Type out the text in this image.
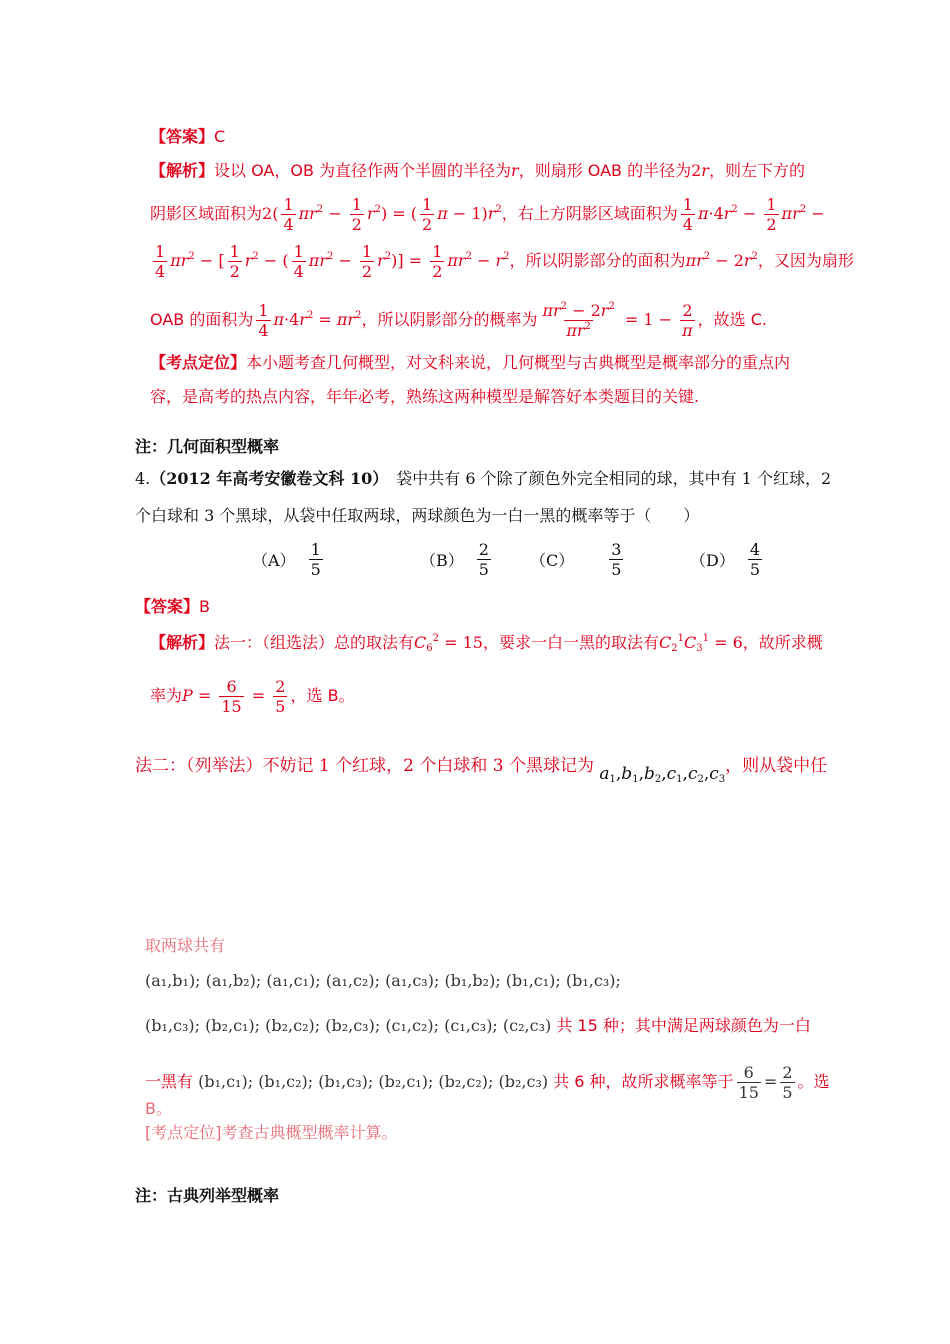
【答案】C
【解析】设以 OA，OB 为直径作两个半圆的半径为r，则扇形 OAB 的半径为2r，则左下方的
阴影区域面积为$2( \frac{1}{4} \pi r^2 - \frac{1}{2} r^2)$ = ( $\frac{1}{2}$ $\pi - 1)r^2$，右上方阴影区域面积为 $\frac{1}{4} \pi\cdot 4r^2 - \frac{1}{2} \pi r^2$ −
$\frac{1}{4} \pi r^2$ − [ $\frac{1}{2} r^2$ − ( $\frac{1}{4} \pi r^2 - \frac{1}{2} r^2)] = \frac{1}{2} \pi r^2 - r^2$，所以阴影部分的面积为$\pi r^2 - 2r^2$，又因为扇形
OAB 的面积为 $\frac{1}{4} \pi\cdot 4r^2 = \pi r^2$，所以阴影部分的概率为 $\frac{\pi r^2 - 2r^2}{\pi r^2} = 1 - \frac{2}{\pi}$ ，故选 C.
【考点定位】本小题考查几何概型，对文科来说，几何概型与古典概型是概率部分的重点内
容，是高考的热点内容，年年必考，熟练这两种模型是解答好本类题目的关键.
注：几何面积型概率
4.（2012 年高考安徽卷文科 10）　 袋中共有 6 个除了颜色外完全相同的球，其中有 1 个红球，2
个白球和 3 个黑球，从袋中任取两球，两球颜色为一白一黑的概率等于（　　）
$(A) \frac{1}{5}$	$(B) \frac{2}{5} (C) \frac{3}{5}$	$(D) \frac{4}{5}$
【答案】B
【解析】法一：（组选法）总的取法有$C_6^2 = 15$，要求一白一黑的取法有$C_2^1C_3^1 = 6$，故所求概
率为$P = \frac{6}{15} = \frac{2}{5}$ ，选 B。
法二：（列举法）不妨记 1 个红球，2 个白球和 3 个黑球记为 $a_1,b_1,b_2,c_1,c_2,c_3$，则从袋中任
取两球共有
(a₁,b₁); (a₁,b₂); (a₁,c₁); (a₁,c₂); (a₁,c₃); (b₁,b₂); (b₁,c₁); (b₁,c₃);
(b₁,c₃); (b₂,c₁); (b₂,c₂); (b₂,c₃); (c₁,c₂); (c₁,c₃); (c₂,c₃) 共 15 种；其中满足两球颜色为一白
一黑有 (b₁,c₁); (b₁,c₂); (b₁,c₃); (b₂,c₁); (b₂,c₂); (b₂,c₃) 共 6 种，故所求概率等于 $\frac{6}{15} = \frac{2}{5}$ 。选
B。
[考点定位]考查古典概型概率计算。
注：古典列举型概率
